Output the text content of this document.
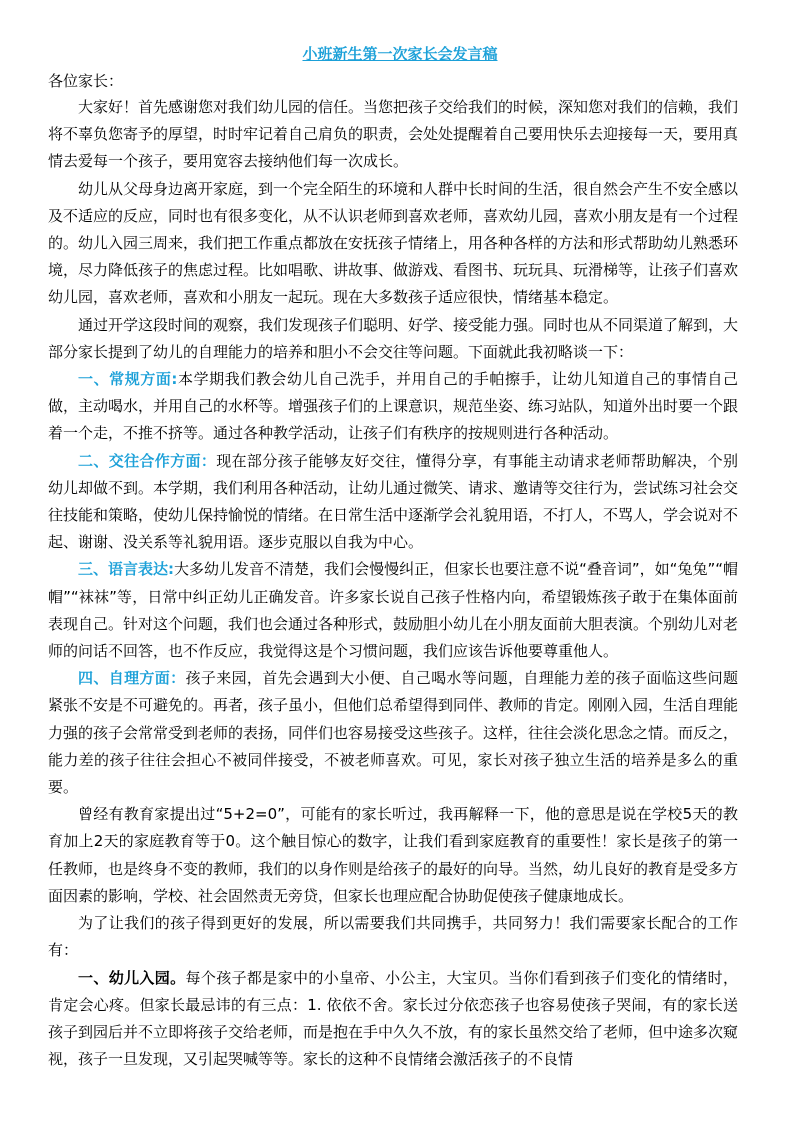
小班新生第一次家长会发言稿
各位家长：

大家好！首先感谢您对我们幼儿园的信任。当您把孩子交给我们的时候，深知您对我们的信赖，我们将不辜负您寄予的厚望，时时牢记着自己肩负的职责，会处处提醒着自己要用快乐去迎接每一天，要用真情去爱每一个孩子，要用宽容去接纳他们每一次成长。

幼儿从父母身边离开家庭，到一个完全陌生的环境和人群中长时间的生活，很自然会产生不安全感以及不适应的反应，同时也有很多变化，从不认识老师到喜欢老师，喜欢幼儿园，喜欢小朋友是有一个过程的。幼儿入园三周来，我们把工作重点都放在安抚孩子情绪上，用各种各样的方法和形式帮助幼儿熟悉环境，尽力降低孩子的焦虑过程。比如唱歌、讲故事、做游戏、看图书、玩玩具、玩滑梯等，让孩子们喜欢幼儿园，喜欢老师，喜欢和小朋友一起玩。现在大多数孩子适应很快，情绪基本稳定。

通过开学这段时间的观察，我们发现孩子们聪明、好学、接受能力强。同时也从不同渠道了解到，大部分家长提到了幼儿的自理能力的培养和胆小不会交往等问题。下面就此我初略谈一下：

一、常规方面:本学期我们教会幼儿自己洗手，并用自己的手帕擦手，让幼儿知道自己的事情自己做，主动喝水，并用自己的水杯等。增强孩子们的上课意识，规范坐姿、练习站队，知道外出时要一个跟着一个走，不推不挤等。通过各种教学活动，让孩子们有秩序的按规则进行各种活动。

二、交往合作方面：现在部分孩子能够友好交往，懂得分享，有事能主动请求老师帮助解决，个别幼儿却做不到。本学期，我们利用各种活动，让幼儿通过微笑、请求、邀请等交往行为，尝试练习社会交往技能和策略，使幼儿保持愉悦的情绪。在日常生活中逐渐学会礼貌用语，不打人，不骂人，学会说对不起、谢谢、没关系等礼貌用语。逐步克服以自我为中心。

三、语言表达:大多幼儿发音不清楚，我们会慢慢纠正，但家长也要注意不说“叠音词”，如“兔兔”“帽帽”“袜袜”等，日常中纠正幼儿正确发音。许多家长说自己孩子性格内向，希望锻炼孩子敢于在集体面前表现自己。针对这个问题，我们也会通过各种形式，鼓励胆小幼儿在小朋友面前大胆表演。个别幼儿对老师的问话不回答，也不作反应，我觉得这是个习惯问题，我们应该告诉他要尊重他人。

四、自理方面：孩子来园，首先会遇到大小便、自己喝水等问题，自理能力差的孩子面临这些问题紧张不安是不可避免的。再者，孩子虽小，但他们总希望得到同伴、教师的肯定。刚刚入园，生活自理能力强的孩子会常常受到老师的表扬，同伴们也容易接受这些孩子。这样，往往会淡化思念之情。而反之，能力差的孩子往往会担心不被同伴接受，不被老师喜欢。可见，家长对孩子独立生活的培养是多么的重要。

曾经有教育家提出过“5+2=0”，可能有的家长听过，我再解释一下，他的意思是说在学校5天的教育加上2天的家庭教育等于0。这个触目惊心的数字，让我们看到家庭教育的重要性！家长是孩子的第一任教师，也是终身不变的教师，我们的以身作则是给孩子的最好的向导。当然，幼儿良好的教育是受多方面因素的影响，学校、社会固然责无旁贷，但家长也理应配合协助促使孩子健康地成长。

为了让我们的孩子得到更好的发展，所以需要我们共同携手，共同努力！我们需要家长配合的工作有：

一、幼儿入园。每个孩子都是家中的小皇帝、小公主，大宝贝。当你们看到孩子们变化的情绪时，肯定会心疼。但家长最忌讳的有三点：1. 依依不舍。家长过分依恋孩子也容易使孩子哭闹，有的家长送孩子到园后并不立即将孩子交给老师，而是抱在手中久久不放，有的家长虽然交给了老师，但中途多次窥视，孩子一旦发现，又引起哭喊等等。家长的这种不良情绪会激活孩子的不良情
